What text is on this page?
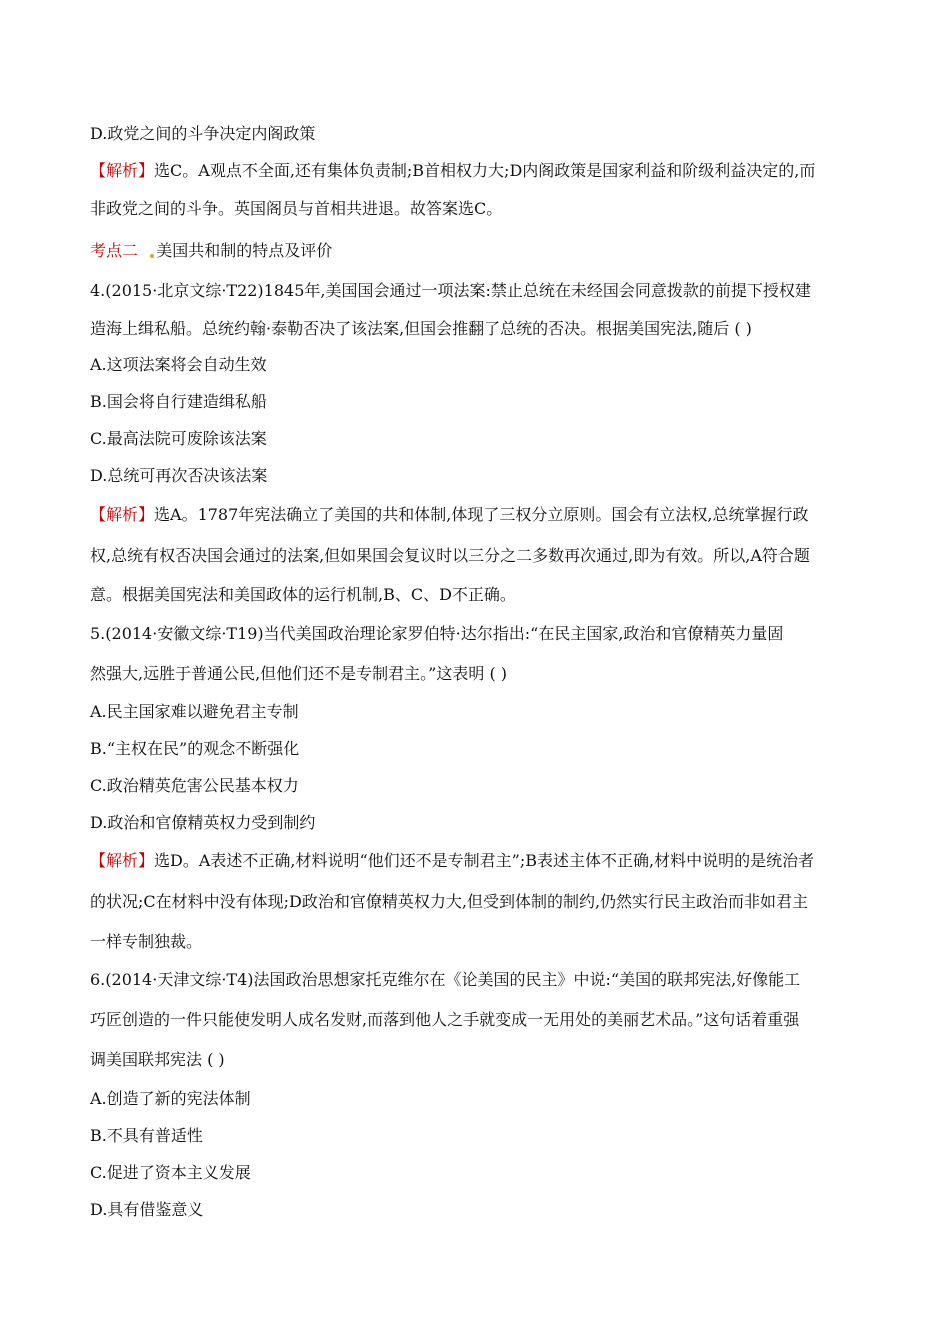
D.政党之间的斗争决定内阁政策
【解析】选C。A观点不全面,还有集体负责制;B首相权力大;D内阁政策是国家利益和阶级利益决定的,而
非政党之间的斗争。英国阁员与首相共进退。故答案选C。
考点二 美国共和制的特点及评价
4.(2015·北京文综·T22)1845年,美国国会通过一项法案:禁止总统在未经国会同意拨款的前提下授权建
造海上缉私船。总统约翰·泰勒否决了该法案,但国会推翻了总统的否决。根据美国宪法,随后 ( )
A.这项法案将会自动生效
B.国会将自行建造缉私船
C.最高法院可废除该法案
D.总统可再次否决该法案
【解析】选A。1787年宪法确立了美国的共和体制,体现了三权分立原则。国会有立法权,总统掌握行政
权,总统有权否决国会通过的法案,但如果国会复议时以三分之二多数再次通过,即为有效。所以,A符合题
意。根据美国宪法和美国政体的运行机制,B、C、D不正确。
5.(2014·安徽文综·T19)当代美国政治理论家罗伯特·达尔指出:“在民主国家,政治和官僚精英力量固
然强大,远胜于普通公民,但他们还不是专制君主。”这表明 ( )
A.民主国家难以避免君主专制
B.“主权在民”的观念不断强化
C.政治精英危害公民基本权力
D.政治和官僚精英权力受到制约
【解析】选D。A表述不正确,材料说明“他们还不是专制君主”;B表述主体不正确,材料中说明的是统治者
的状况;C在材料中没有体现;D政治和官僚精英权力大,但受到体制的制约,仍然实行民主政治而非如君主
一样专制独裁。
6.(2014·天津文综·T4)法国政治思想家托克维尔在《论美国的民主》中说:“美国的联邦宪法,好像能工
巧匠创造的一件只能使发明人成名发财,而落到他人之手就变成一无用处的美丽艺术品。”这句话着重强
调美国联邦宪法 ( )
A.创造了新的宪法体制
B.不具有普适性
C.促进了资本主义发展
D.具有借鉴意义
